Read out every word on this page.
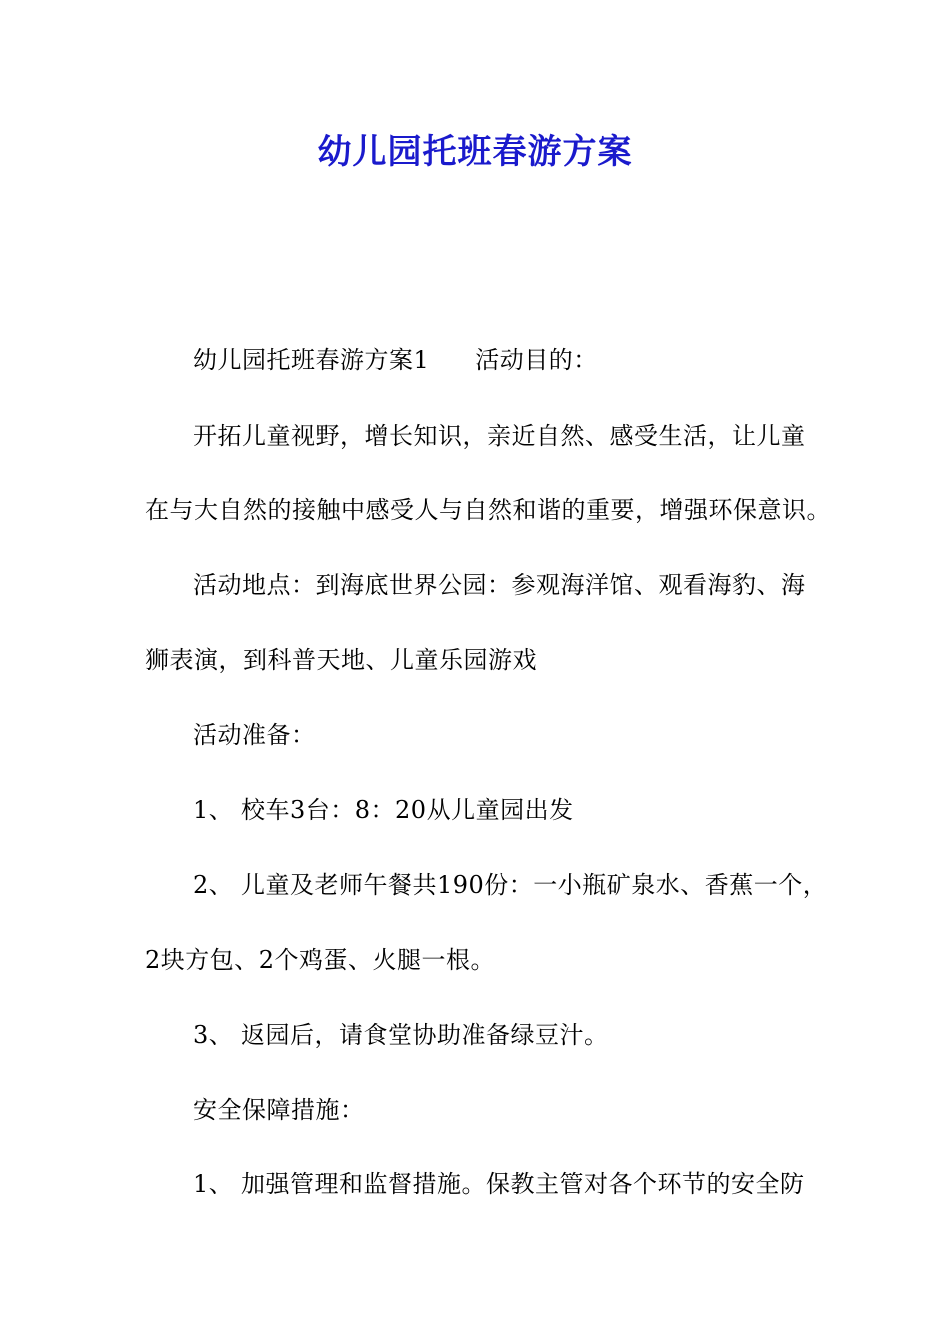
幼儿园托班春游方案
幼儿园托班春游方案1 活动目的：
开拓儿童视野，增长知识，亲近自然、感受生活，让儿童
在与大自然的接触中感受人与自然和谐的重要，增强环保意识。
活动地点：到海底世界公园：参观海洋馆、观看海豹、海
狮表演，到科普天地、儿童乐园游戏
活动准备：
1、 校车3台：8：20从儿童园出发
2、 儿童及老师午餐共190份：一小瓶矿泉水、香蕉一个，
2块方包、2个鸡蛋、火腿一根。
3、 返园后，请食堂协助准备绿豆汁。
安全保障措施：
1、 加强管理和监督措施。保教主管对各个环节的安全防
